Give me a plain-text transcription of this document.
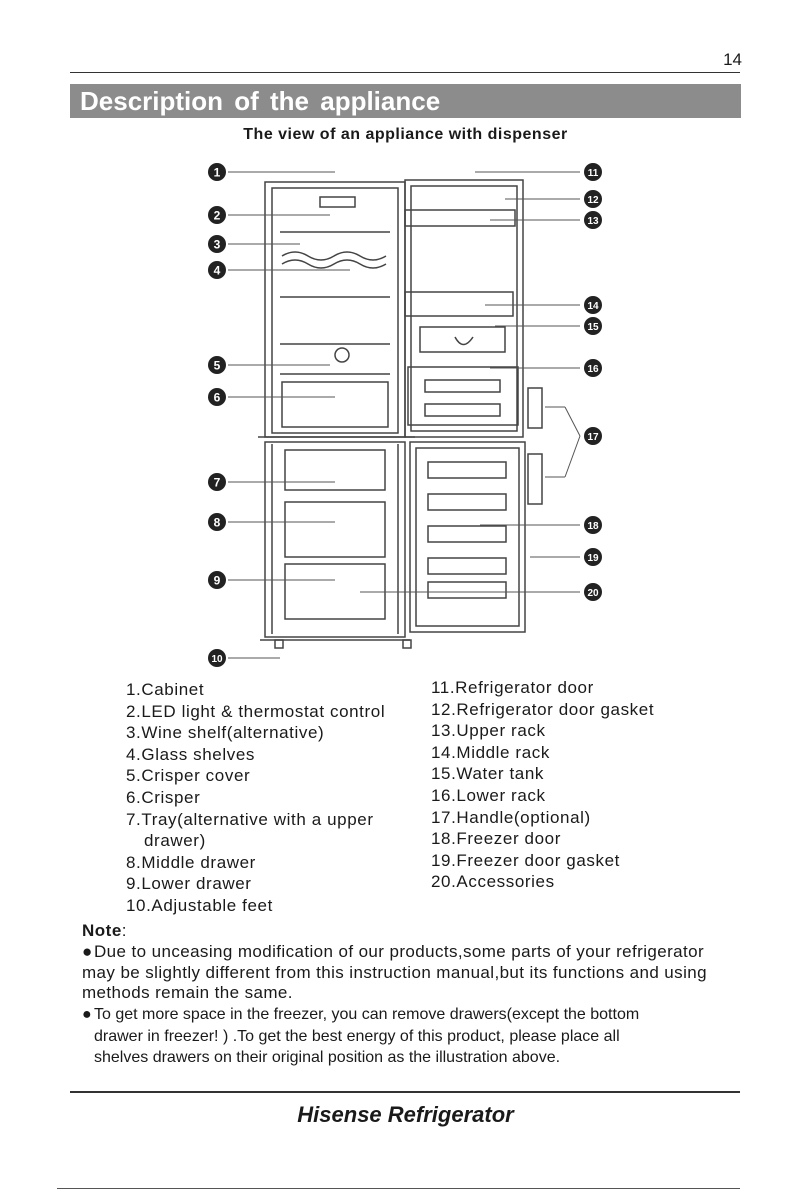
14
Description of the appliance
The view of an appliance with dispenser
1
2
3
4
5
6
7
8
9
10
11
12
13
14
15
16
17
18
19
20
1.Cabinet
2.LED light & thermostat control
3.Wine shelf(alternative)
4.Glass shelves
5.Crisper cover
6.Crisper
7.Tray(alternative with a upper
drawer)
8.Middle drawer
9.Lower drawer
10.Adjustable feet
11.Refrigerator door
12.Refrigerator door gasket
13.Upper rack
14.Middle rack
15.Water tank
16.Lower rack
17.Handle(optional)
18.Freezer door
19.Freezer door gasket
20.Accessories
Note:
●Due to unceasing modification of our products,some parts of your refrigerator may be slightly different from this instruction manual,but its functions and using methods remain the same.
● To get more space in the freezer, you can remove drawers(except the bottom
drawer in freezer! ) .To get the best energy of this product, please place all
shelves drawers on their original position as the illustration above.
Hisense Refrigerator
